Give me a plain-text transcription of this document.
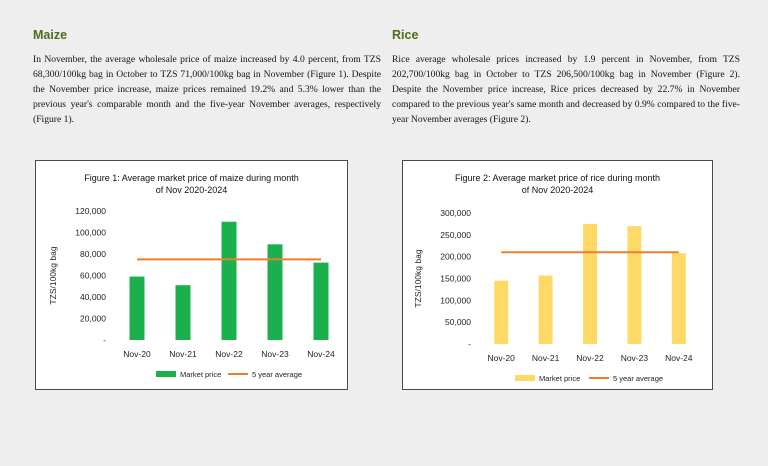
Maize

In November, the average wholesale price of maize increased by 4.0 percent, from TZS 68,300/100kg bag in October to TZS 71,000/100kg bag in November (Figure 1). Despite the November price increase, maize prices remained 19.2% and 5.3% lower than the previous year's comparable month and the five-year November averages, respectively (Figure 1).

Rice

Rice average wholesale prices increased by 1.9 percent in November, from TZS 202,700/100kg bag in October to TZS 206,500/100kg bag in November (Figure 2). Despite the November price increase, Rice prices decreased by 22.7% in November compared to the previous year's same month and decreased by 0.9% compared to the five-year November averages (Figure 2).

Figure 1: Average market price of maize during month
of Nov 2020-2024
-
20,000
40,000
60,000
80,000
100,000
120,000
TZS/100kg bag
Nov-20 Nov-21 Nov-22 Nov-23 Nov-24
Market price	5 year average
Figure 2: Average market price of rice during month
of Nov 2020-2024
-
50,000
100,000
150,000
200,000
250,000
300,000
TZS/100kg bag
Nov-20 Nov-21 Nov-22 Nov-23 Nov-24
Market price	5 year average
